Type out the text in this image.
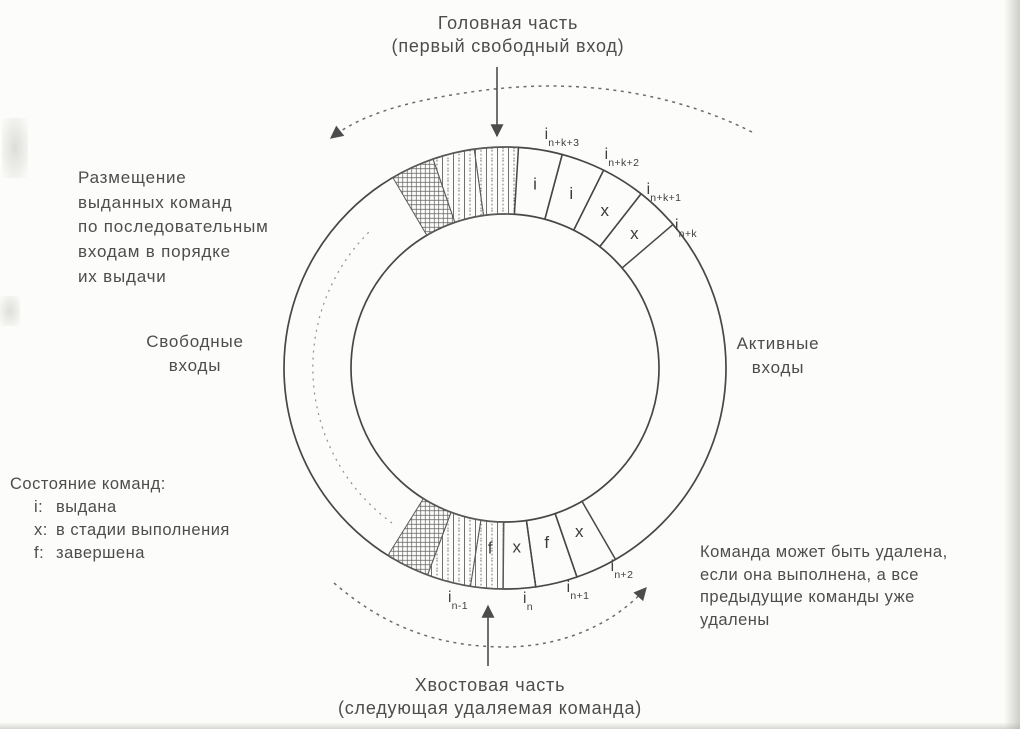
i
i
x
x
x
f
x
f
Головная часть
(первый свободный вход)
Хвостовая часть
(следующая удаляемая команда)
Размещение
выданных команд
по последовательным
входам в порядке
их выдачи
Свободные
входы
Активные
входы
Команда может быть удалена,
если она выполнена, а все
предыдущие команды уже
удалены
Состояние команд:
i: выдана
x: в стадии выполнения
f: завершена
$i_{n+k+3}$
$i_{n+k+2}$
$i_{n+k+1}$
$i_{n+k}$
$i_{n-1}$	$i_n$
$i_{n+1}$
$i_{n+2}$
